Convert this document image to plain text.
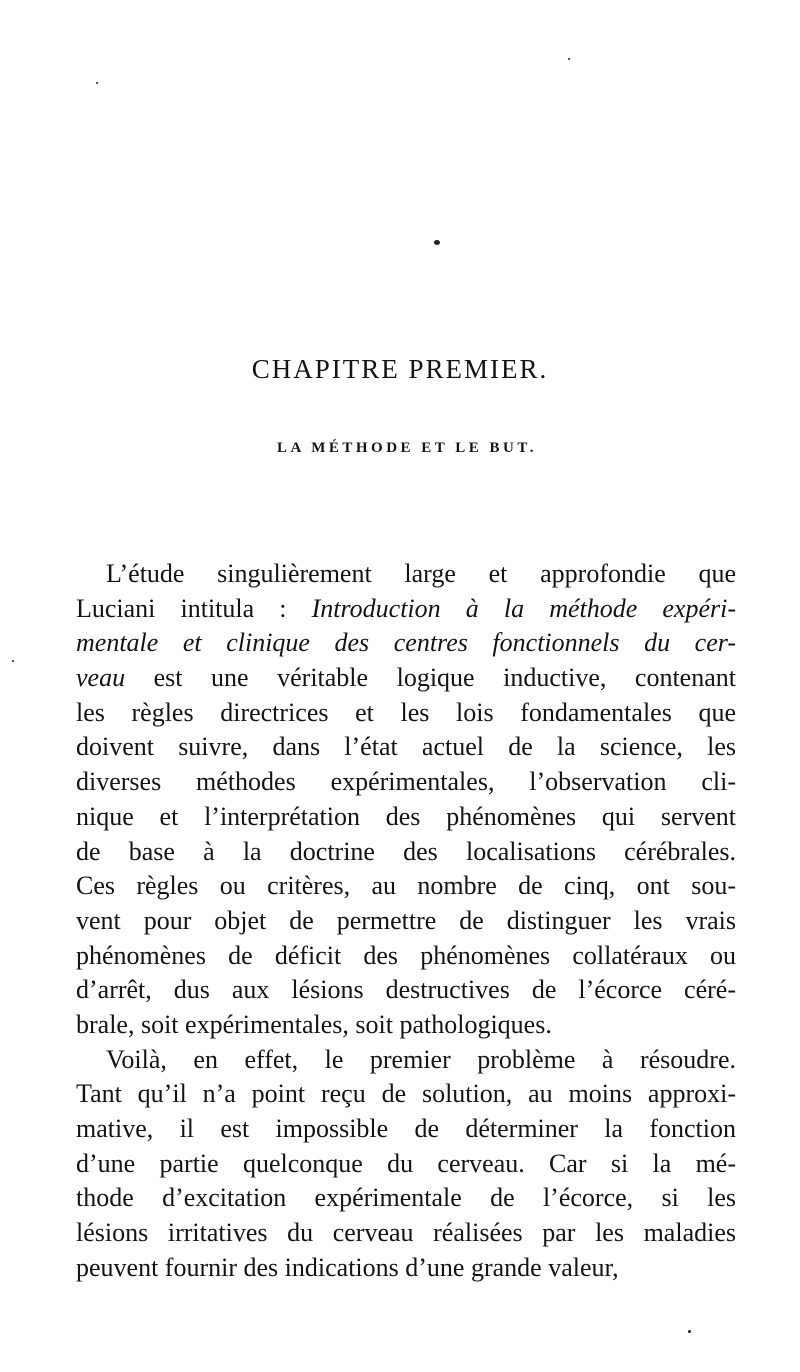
CHAPITRE PREMIER.
LA MÉTHODE ET LE BUT.
L’étude singulièrement large et approfondie que
Luciani intitula : Introduction à la méthode expéri-
mentale et clinique des centres fonctionnels du cer-
veau est une véritable logique inductive, contenant
les règles directrices et les lois fondamentales que
doivent suivre, dans l’état actuel de la science, les
diverses méthodes expérimentales, l’observation cli-
nique et l’interprétation des phénomènes qui servent
de base à la doctrine des localisations cérébrales.
Ces règles ou critères, au nombre de cinq, ont sou-
vent pour objet de permettre de distinguer les vrais
phénomènes de déficit des phénomènes collatéraux ou
d’arrêt, dus aux lésions destructives de l’écorce céré-
brale, soit expérimentales, soit pathologiques.
Voilà, en effet, le premier problème à résoudre.
Tant qu’il n’a point reçu de solution, au moins approxi-
mative, il est impossible de déterminer la fonction
d’une partie quelconque du cerveau. Car si la mé-
thode d’excitation expérimentale de l’écorce, si les
lésions irritatives du cerveau réalisées par les maladies
peuvent fournir des indications d’une grande valeur,
